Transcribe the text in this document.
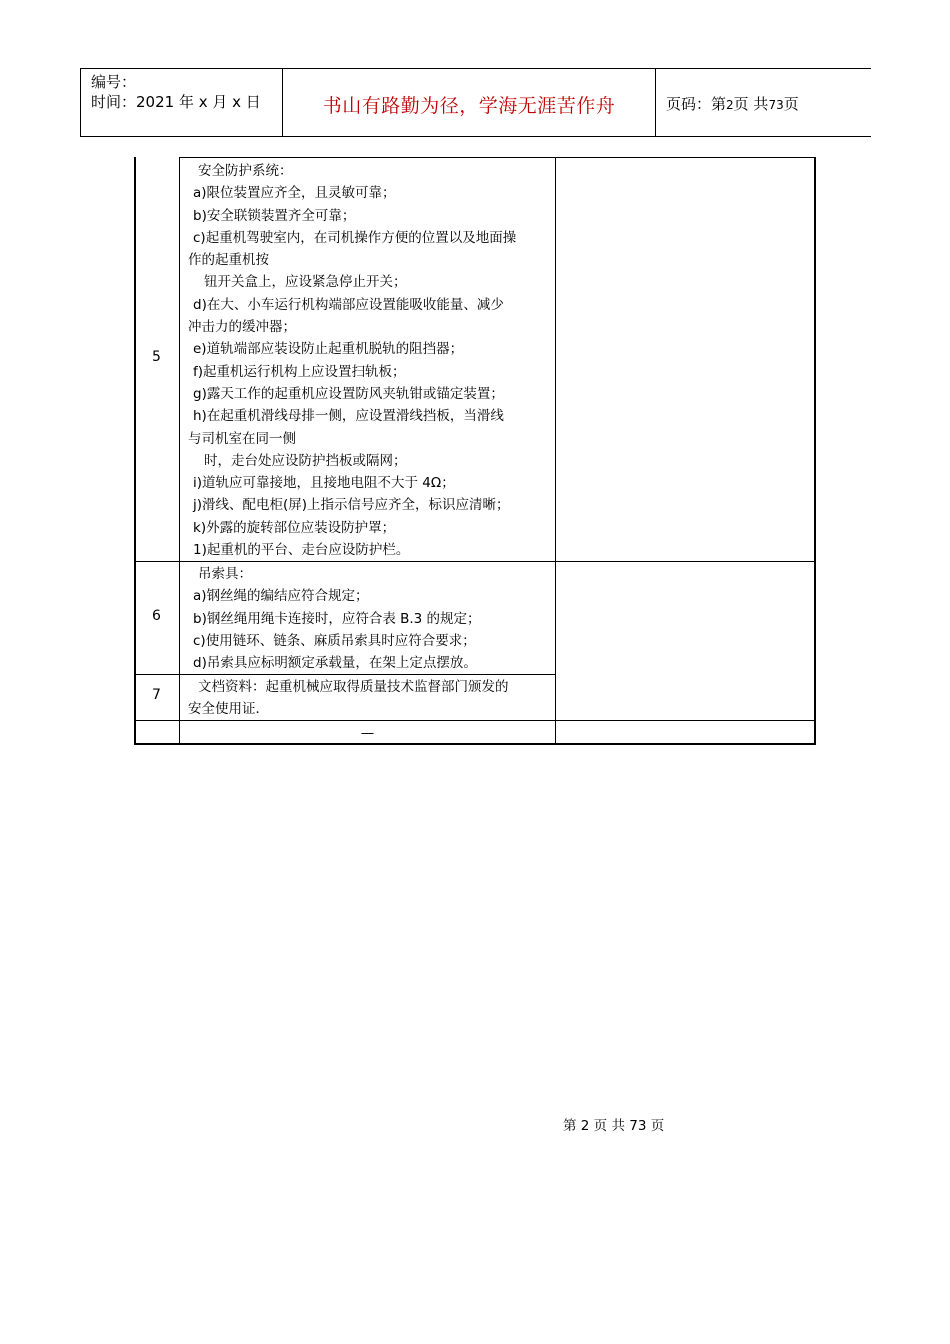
编号：
时间：2021 年 x 月 x 日	书山有路勤为径，学海无涯苦作舟	页码：第2页 共73页
5
安全防护系统：
a)限位装置应齐全，且灵敏可靠；
b)安全联锁装置齐全可靠；
c)起重机驾驶室内，在司机操作方便的位置以及地面操
作的起重机按
钮开关盒上，应设紧急停止开关；
d)在大、小车运行机构端部应设置能吸收能量、减少
冲击力的缓冲器；
e)道轨端部应装设防止起重机脱轨的阻挡器；
f)起重机运行机构上应设置扫轨板；
g)露天工作的起重机应设置防风夹轨钳或锚定装置；
h)在起重机滑线母排一侧，应设置滑线挡板，当滑线
与司机室在同一侧
时，走台处应设防护挡板或隔网；
i)道轨应可靠接地，且接地电阻不大于 4Ω；
j)滑线、配电柜(屏)上指示信号应齐全，标识应清晰；
k)外露的旋转部位应装设防护罩；
1)起重机的平台、走台应设防护栏。
6
吊索具：
a)钢丝绳的编结应符合规定；
b)钢丝绳用绳卡连接时，应符合表 B.3 的规定；
c)使用链环、链条、麻质吊索具时应符合要求；
d)吊索具应标明额定承载量，在架上定点摆放。
7	文档资料：起重机械应取得质量技术监督部门颁发的
安全使用证．
—
第 2 页 共 73 页
